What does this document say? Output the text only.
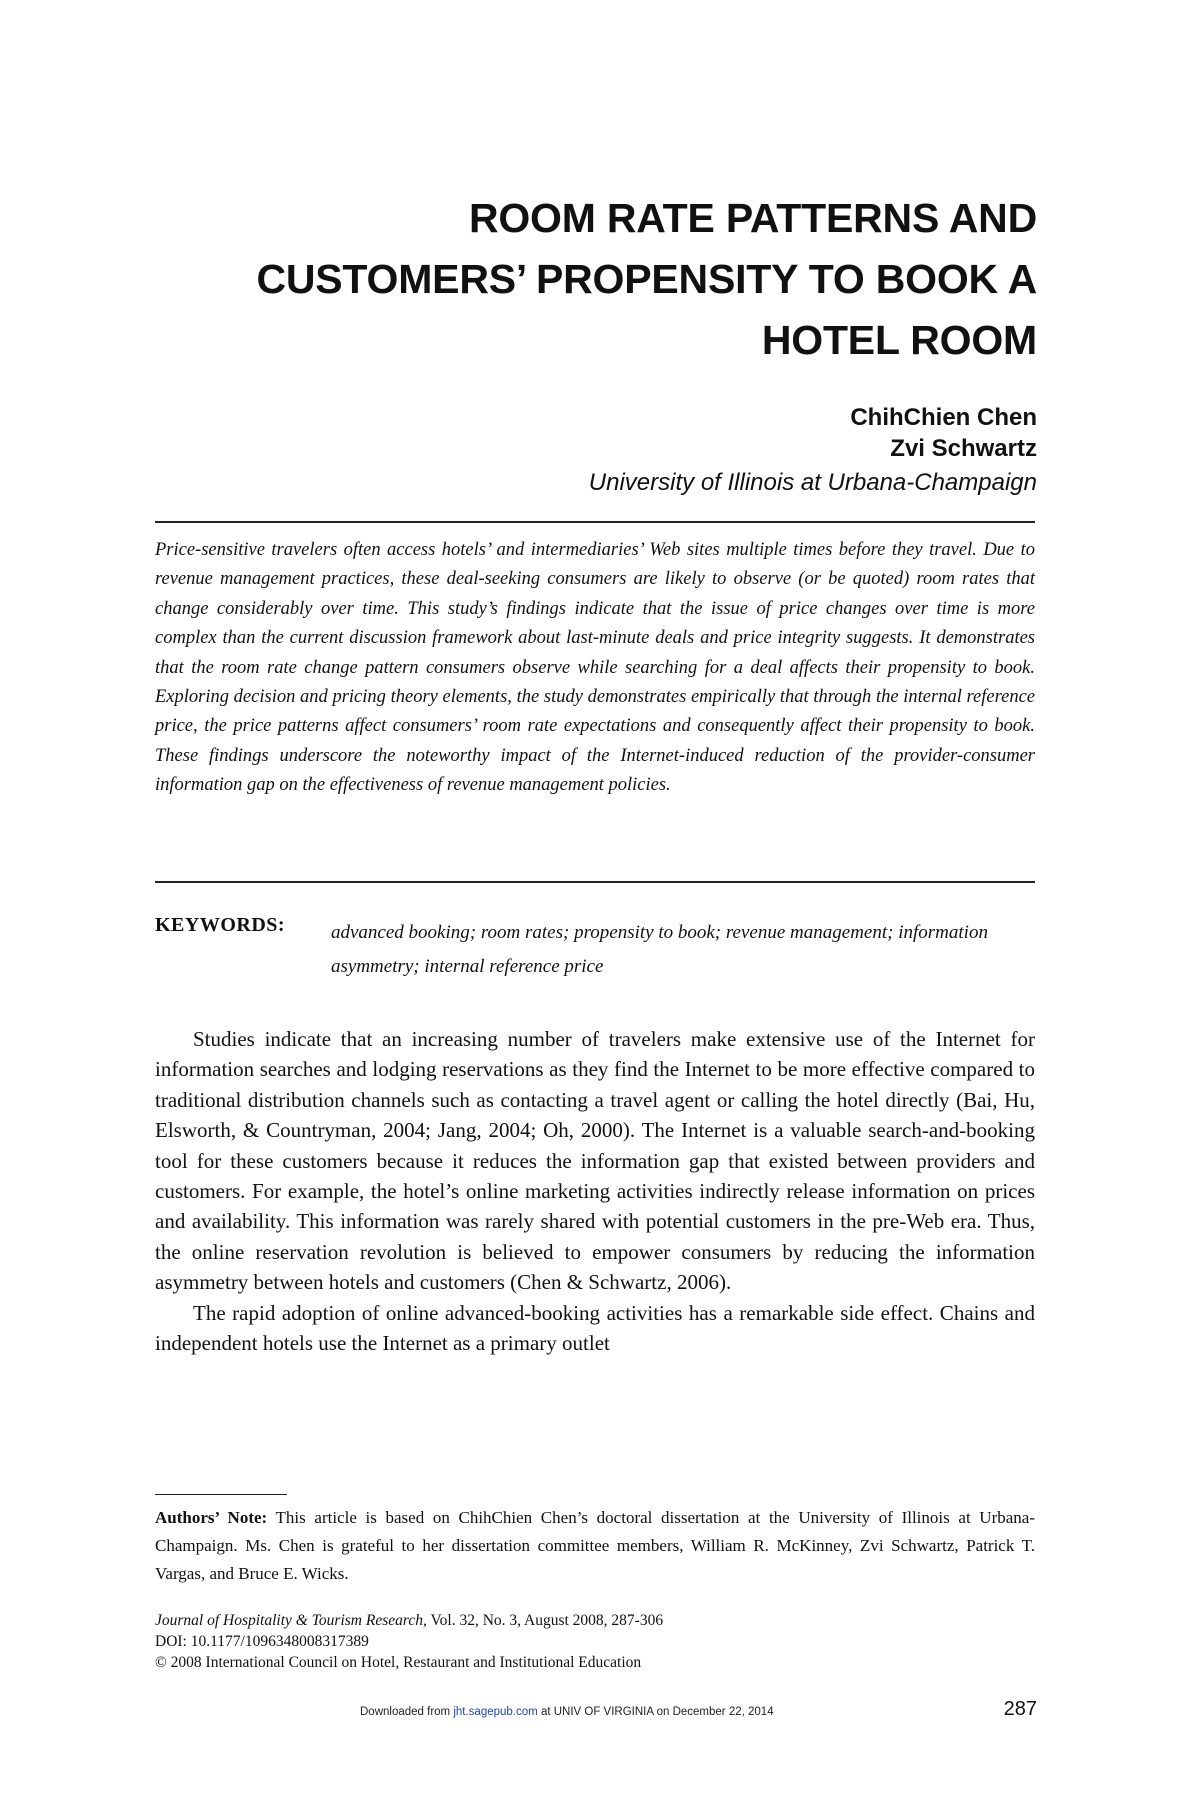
ROOM RATE PATTERNS AND
CUSTOMERS’ PROPENSITY TO BOOK A
HOTEL ROOM
ChihChien Chen
Zvi Schwartz
University of Illinois at Urbana-Champaign

Price-sensitive travelers often access hotels’ and intermediaries’ Web sites multiple times before they travel. Due to revenue management practices, these deal-seeking consumers are likely to observe (or be quoted) room rates that change considerably over time. This study’s findings indicate that the issue of price changes over time is more complex than the current discussion framework about last-minute deals and price integrity suggests. It demonstrates that the room rate change pattern consumers observe while searching for a deal affects their propensity to book. Exploring decision and pricing theory elements, the study demonstrates empirically that through the internal reference price, the price patterns affect consumers’ room rate expectations and consequently affect their propensity to book. These findings underscore the noteworthy impact of the Internet-induced reduction of the provider-consumer information gap on the effectiveness of revenue management policies.

KEYWORDS: advanced booking; room rates; propensity to book; revenue management; information asymmetry; internal reference price

Studies indicate that an increasing number of travelers make extensive use of the Internet for information searches and lodging reservations as they find the Internet to be more effective compared to traditional distribution channels such as contacting a travel agent or calling the hotel directly (Bai, Hu, Elsworth, & Countryman, 2004; Jang, 2004; Oh, 2000). The Internet is a valuable search-and-booking tool for these customers because it reduces the information gap that existed between providers and customers. For example, the hotel’s online marketing activities indirectly release information on prices and availability. This information was rarely shared with potential customers in the pre-Web era. Thus, the online reservation revolution is believed to empower consumers by reducing the information asymmetry between hotels and customers (Chen & Schwartz, 2006).

The rapid adoption of online advanced-booking activities has a remarkable side effect. Chains and independent hotels use the Internet as a primary outlet

Authors’ Note: This article is based on ChihChien Chen’s doctoral dissertation at the University of Illinois at Urbana-Champaign. Ms. Chen is grateful to her dissertation committee members, William R. McKinney, Zvi Schwartz, Patrick T. Vargas, and Bruce E. Wicks.

Journal of Hospitality & Tourism Research, Vol. 32, No. 3, August 2008, 287-306
DOI: 10.1177/1096348008317389
© 2008 International Council on Hotel, Restaurant and Institutional Education
Downloaded from jht.sagepub.com at UNIV OF VIRGINIA on December 22, 2014	287
